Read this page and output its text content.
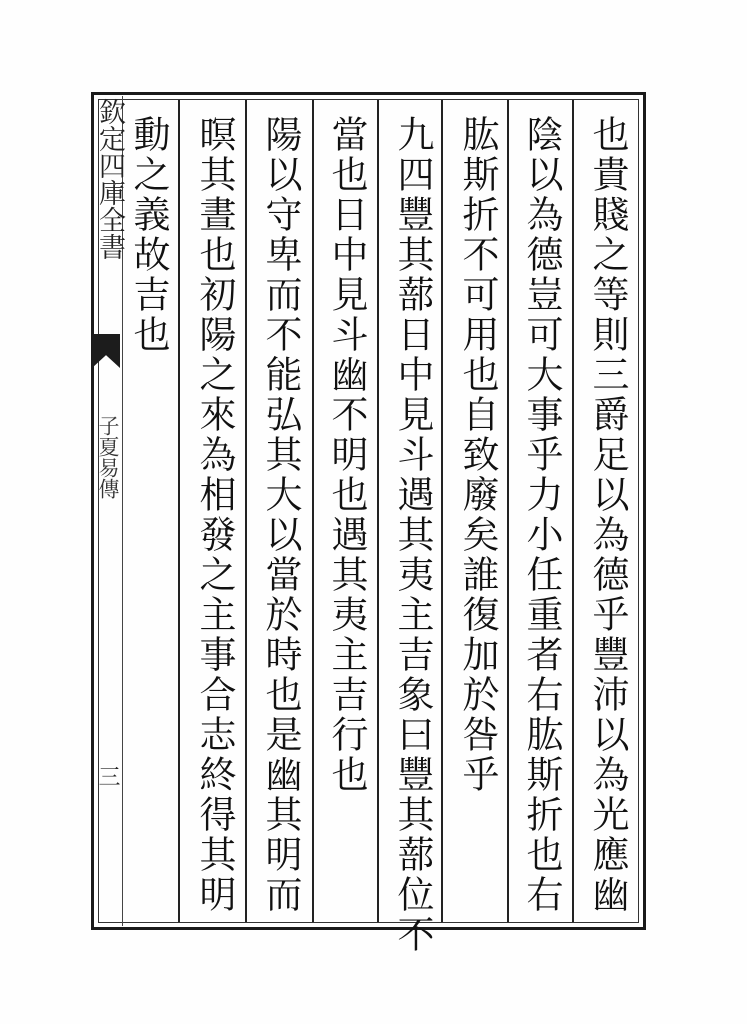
欽定四庫全書
子夏易傳
三	也貴賤之等則三爵足以為德乎豐沛以為光應幽
陰以為德豈可大事乎力小任重者右肱斯折也右
肱斯折不可用也自致廢矣誰復加於咎乎
九四豐其蔀日中見斗遇其夷主吉象曰豐其蔀位不
當也日中見斗幽不明也遇其夷主吉行也
陽以守卑而不能弘其大以當於時也是幽其明而
暝其晝也初陽之來為相發之主事合志終得其明
動之義故吉也
